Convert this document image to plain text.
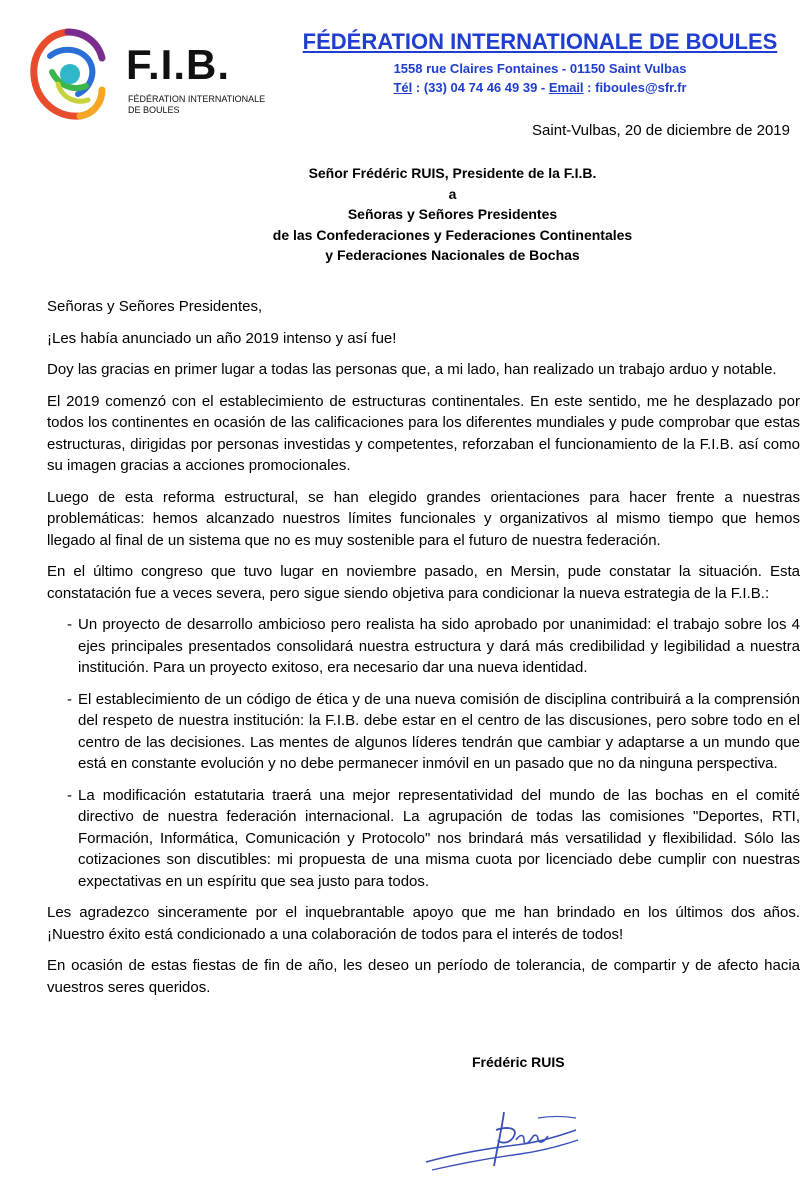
F.I.B.
FÉDÉRATION INTERNATIONALE
DE BOULES
FÉDÉRATION INTERNATIONALE DE BOULES
1558 rue Claires Fontaines - 01150 Saint Vulbas
Tél : (33) 04 74 46 49 39 - Email : fiboules@sfr.fr
Saint-Vulbas, 20 de diciembre de 2019
Señor Frédéric RUIS, Presidente de la F.I.B.
a
Señoras y Señores Presidentes
de las Confederaciones y Federaciones Continentales
y Federaciones Nacionales de Bochas

Señoras y Señores Presidentes,

¡Les había anunciado un año 2019 intenso y así fue!

Doy las gracias en primer lugar a todas las personas que, a mi lado, han realizado un trabajo arduo y notable.

El 2019 comenzó con el establecimiento de estructuras continentales. En este sentido, me he desplazado por todos los continentes en ocasión de las calificaciones para los diferentes mundiales y pude comprobar que estas estructuras, dirigidas por personas investidas y competentes, reforzaban el funcionamiento de la F.I.B. así como su imagen gracias a acciones promocionales.

Luego de esta reforma estructural, se han elegido grandes orientaciones para hacer frente a nuestras problemáticas: hemos alcanzado nuestros límites funcionales y organizativos al mismo tiempo que hemos llegado al final de un sistema que no es muy sostenible para el futuro de nuestra federación.

En el último congreso que tuvo lugar en noviembre pasado, en Mersin, pude constatar la situación. Esta constatación fue a veces severa, pero sigue siendo objetiva para condicionar la nueva estrategia de la F.I.B.:

- Un proyecto de desarrollo ambicioso pero realista ha sido aprobado por unanimidad: el trabajo sobre los 4 ejes principales presentados consolidará nuestra estructura y dará más credibilidad y legibilidad a nuestra institución. Para un proyecto exitoso, era necesario dar una nueva identidad.
- El establecimiento de un código de ética y de una nueva comisión de disciplina contribuirá a la comprensión del respeto de nuestra institución: la F.I.B. debe estar en el centro de las discusiones, pero sobre todo en el centro de las decisiones. Las mentes de algunos líderes tendrán que cambiar y adaptarse a un mundo que está en constante evolución y no debe permanecer inmóvil en un pasado que no da ninguna perspectiva.
- La modificación estatutaria traerá una mejor representatividad del mundo de las bochas en el comité directivo de nuestra federación internacional. La agrupación de todas las comisiones "Deportes, RTI, Formación, Informática, Comunicación y Protocolo" nos brindará más versatilidad y flexibilidad. Sólo las cotizaciones son discutibles: mi propuesta de una misma cuota por licenciado debe cumplir con nuestras expectativas en un espíritu que sea justo para todos.

Les agradezco sinceramente por el inquebrantable apoyo que me han brindado en los últimos dos años. ¡Nuestro éxito está condicionado a una colaboración de todos para el interés de todos!

En ocasión de estas fiestas de fin de año, les deseo un período de tolerancia, de compartir y de afecto hacia vuestros seres queridos.

Frédéric RUIS
